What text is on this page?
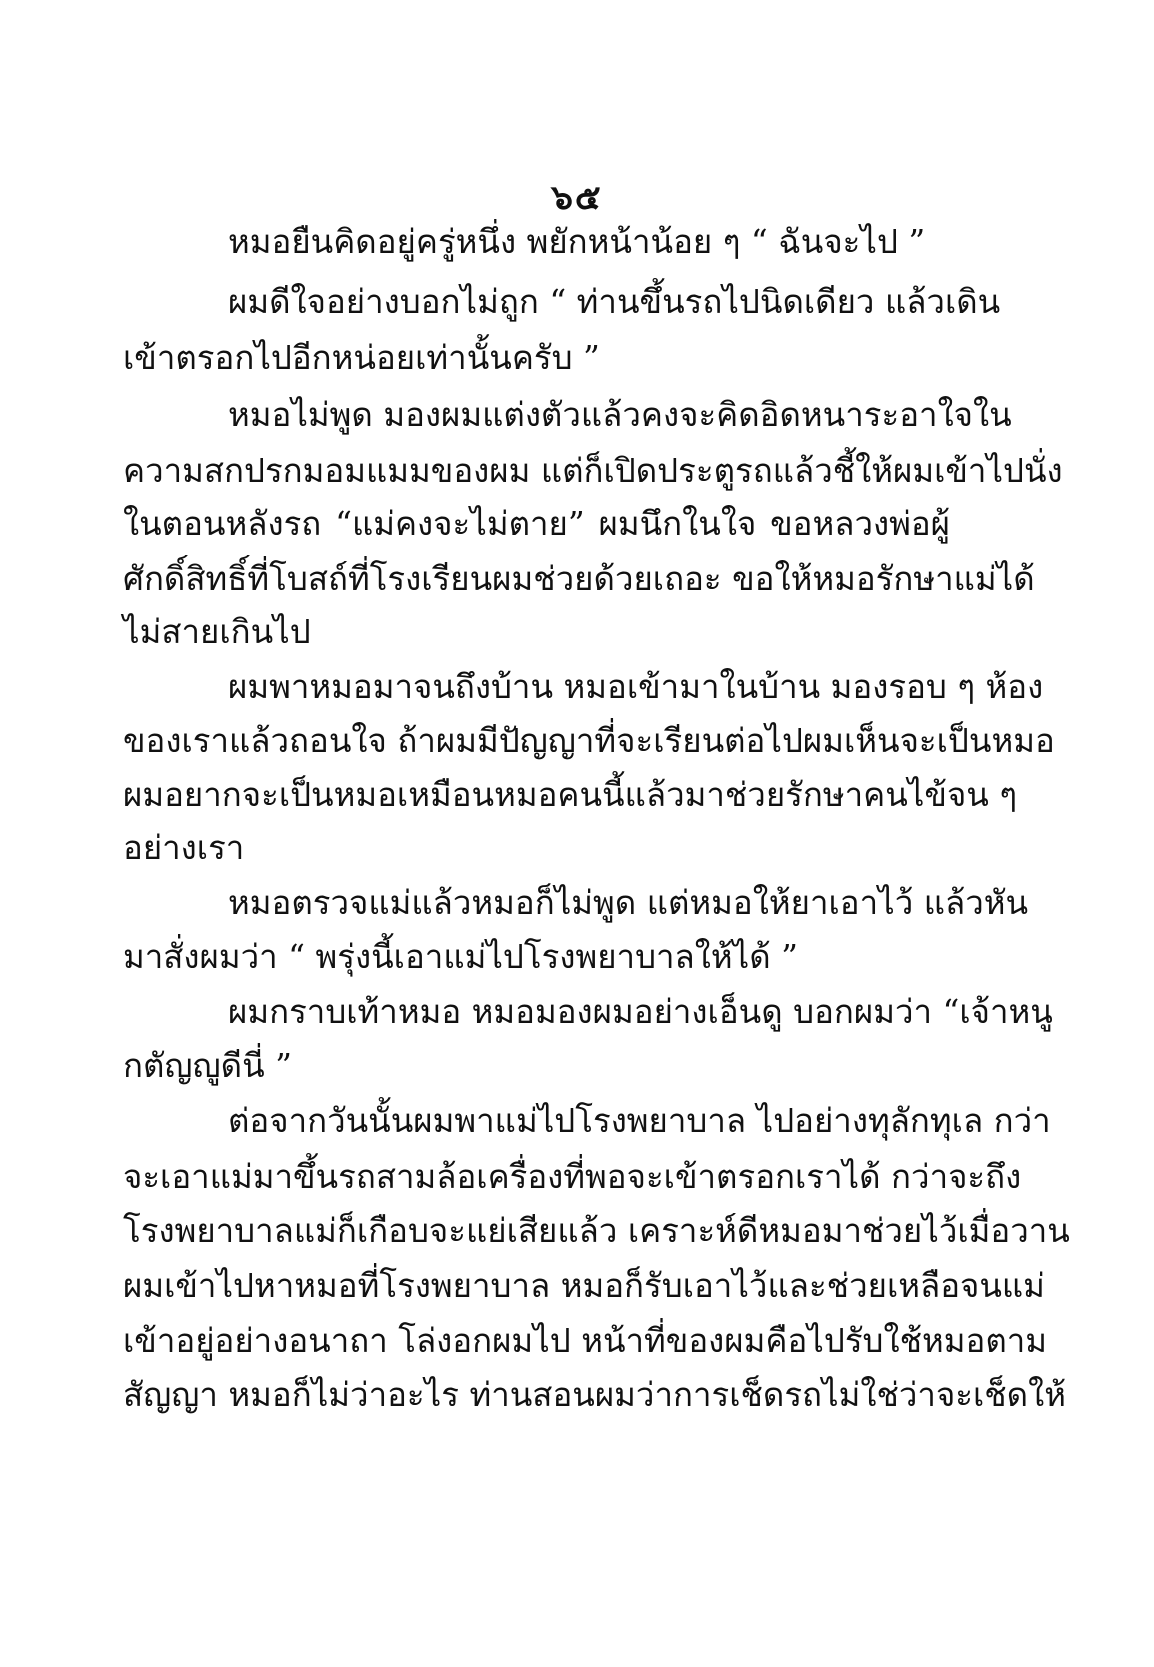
๖๕
หมอยืนคิดอยู่ครู่หนึ่ง พยักหน้าน้อย ๆ “ ฉันจะไป ”
ผมดีใจอย่างบอกไม่ถูก “ ท่านขึ้นรถไปนิดเดียว แล้วเดิน
เข้าตรอกไปอีกหน่อยเท่านั้นครับ ”
หมอไม่พูด มองผมแต่งตัวแล้วคงจะคิดอิดหนาระอาใจใน
ความสกปรกมอมแมมของผม แต่ก็เปิดประตูรถแล้วชี้ให้ผมเข้าไปนั่ง
ในตอนหลังรถ “แม่คงจะไม่ตาย” ผมนึกในใจ ขอหลวงพ่อผู้
ศักดิ์สิทธิ์ที่โบสถ์ที่โรงเรียนผมช่วยด้วยเถอะ ขอให้หมอรักษาแม่ได้
ไม่สายเกินไป
ผมพาหมอมาจนถึงบ้าน หมอเข้ามาในบ้าน มองรอบ ๆ ห้อง
ของเราแล้วถอนใจ ถ้าผมมีปัญญาที่จะเรียนต่อไปผมเห็นจะเป็นหมอ
ผมอยากจะเป็นหมอเหมือนหมอคนนี้แล้วมาช่วยรักษาคนไข้จน ๆ
อย่างเรา
หมอตรวจแม่แล้วหมอก็ไม่พูด แต่หมอให้ยาเอาไว้ แล้วหัน
มาสั่งผมว่า “ พรุ่งนี้เอาแม่ไปโรงพยาบาลให้ได้ ”
ผมกราบเท้าหมอ หมอมองผมอย่างเอ็นดู บอกผมว่า “เจ้าหนู
กตัญญูดีนี่ ”
ต่อจากวันนั้นผมพาแม่ไปโรงพยาบาล ไปอย่างทุลักทุเล กว่า
จะเอาแม่มาขึ้นรถสามล้อเครื่องที่พอจะเข้าตรอกเราได้ กว่าจะถึง
โรงพยาบาลแม่ก็เกือบจะแย่เสียแล้ว เคราะห์ดีหมอมาช่วยไว้เมื่อวาน
ผมเข้าไปหาหมอที่โรงพยาบาล หมอก็รับเอาไว้และช่วยเหลือจนแม่
เข้าอยู่อย่างอนาถา โล่งอกผมไป หน้าที่ของผมคือไปรับใช้หมอตาม
สัญญา หมอก็ไม่ว่าอะไร ท่านสอนผมว่าการเช็ดรถไม่ใช่ว่าจะเช็ดให้
